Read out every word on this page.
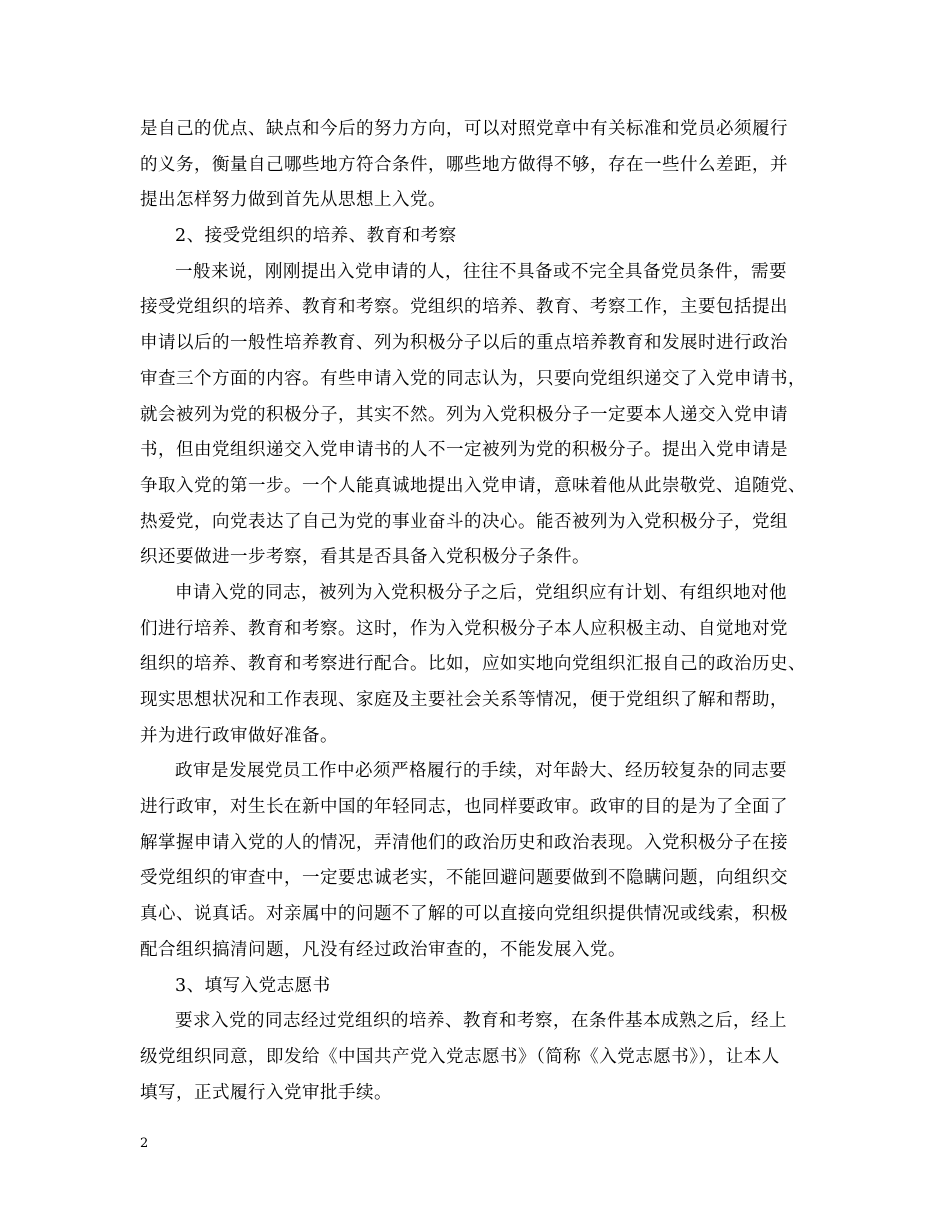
是自己的优点、缺点和今后的努力方向，可以对照党章中有关标准和党员必须履行
的义务，衡量自己哪些地方符合条件，哪些地方做得不够，存在一些什么差距，并
提出怎样努力做到首先从思想上入党。
2、接受党组织的培养、教育和考察
一般来说，刚刚提出入党申请的人，往往不具备或不完全具备党员条件，需要
接受党组织的培养、教育和考察。党组织的培养、教育、考察工作，主要包括提出
申请以后的一般性培养教育、列为积极分子以后的重点培养教育和发展时进行政治
审查三个方面的内容。有些申请入党的同志认为，只要向党组织递交了入党申请书，
就会被列为党的积极分子，其实不然。列为入党积极分子一定要本人递交入党申请
书，但由党组织递交入党申请书的人不一定被列为党的积极分子。提出入党申请是
争取入党的第一步。一个人能真诚地提出入党申请，意味着他从此崇敬党、追随党、
热爱党，向党表达了自己为党的事业奋斗的决心。能否被列为入党积极分子，党组
织还要做进一步考察，看其是否具备入党积极分子条件。
申请入党的同志，被列为入党积极分子之后，党组织应有计划、有组织地对他
们进行培养、教育和考察。这时，作为入党积极分子本人应积极主动、自觉地对党
组织的培养、教育和考察进行配合。比如，应如实地向党组织汇报自己的政治历史、
现实思想状况和工作表现、家庭及主要社会关系等情况，便于党组织了解和帮助，
并为进行政审做好准备。
政审是发展党员工作中必须严格履行的手续，对年龄大、经历较复杂的同志要
进行政审，对生长在新中国的年轻同志，也同样要政审。政审的目的是为了全面了
解掌握申请入党的人的情况，弄清他们的政治历史和政治表现。入党积极分子在接
受党组织的审查中，一定要忠诚老实，不能回避问题要做到不隐瞒问题，向组织交
真心、说真话。对亲属中的问题不了解的可以直接向党组织提供情况或线索，积极
配合组织搞清问题，凡没有经过政治审查的，不能发展入党。
3、填写入党志愿书
要求入党的同志经过党组织的培养、教育和考察，在条件基本成熟之后，经上
级党组织同意，即发给《中国共产党入党志愿书》（简称《入党志愿书》），让本人
填写，正式履行入党审批手续。
2
